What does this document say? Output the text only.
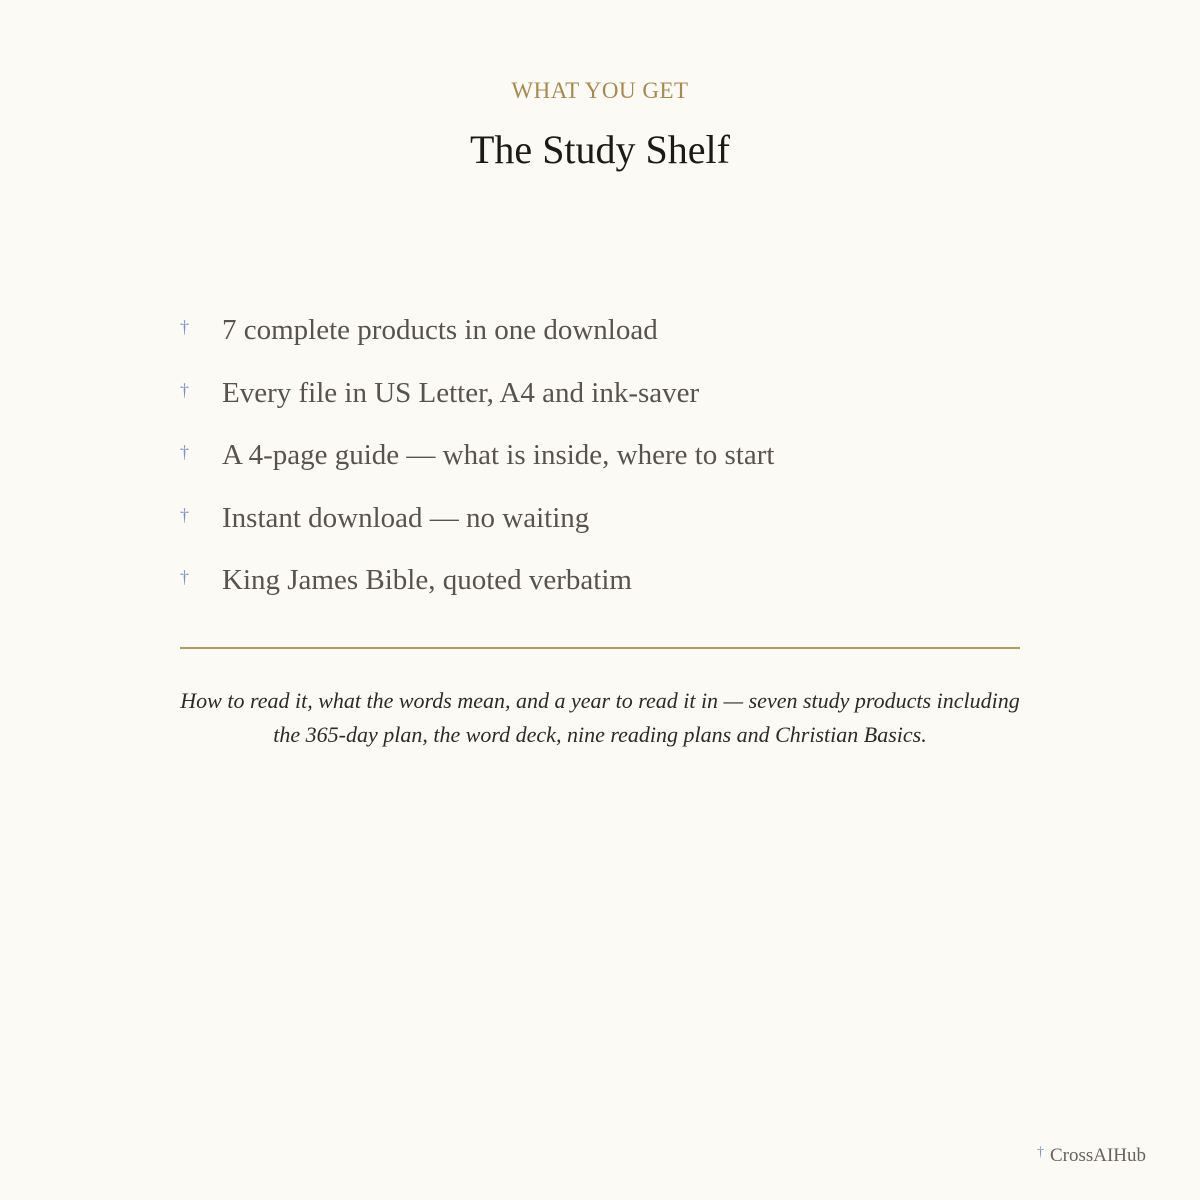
WHAT YOU GET
The Study Shelf
† 7 complete products in one download
† Every file in US Letter, A4 and ink-saver
† A 4-page guide — what is inside, where to start
† Instant download — no waiting
† King James Bible, quoted verbatim

How to read it, what the words mean, and a year to read it in — seven study products including the 365-day plan, the word deck, nine reading plans and Christian Basics.

† CrossAIHub
